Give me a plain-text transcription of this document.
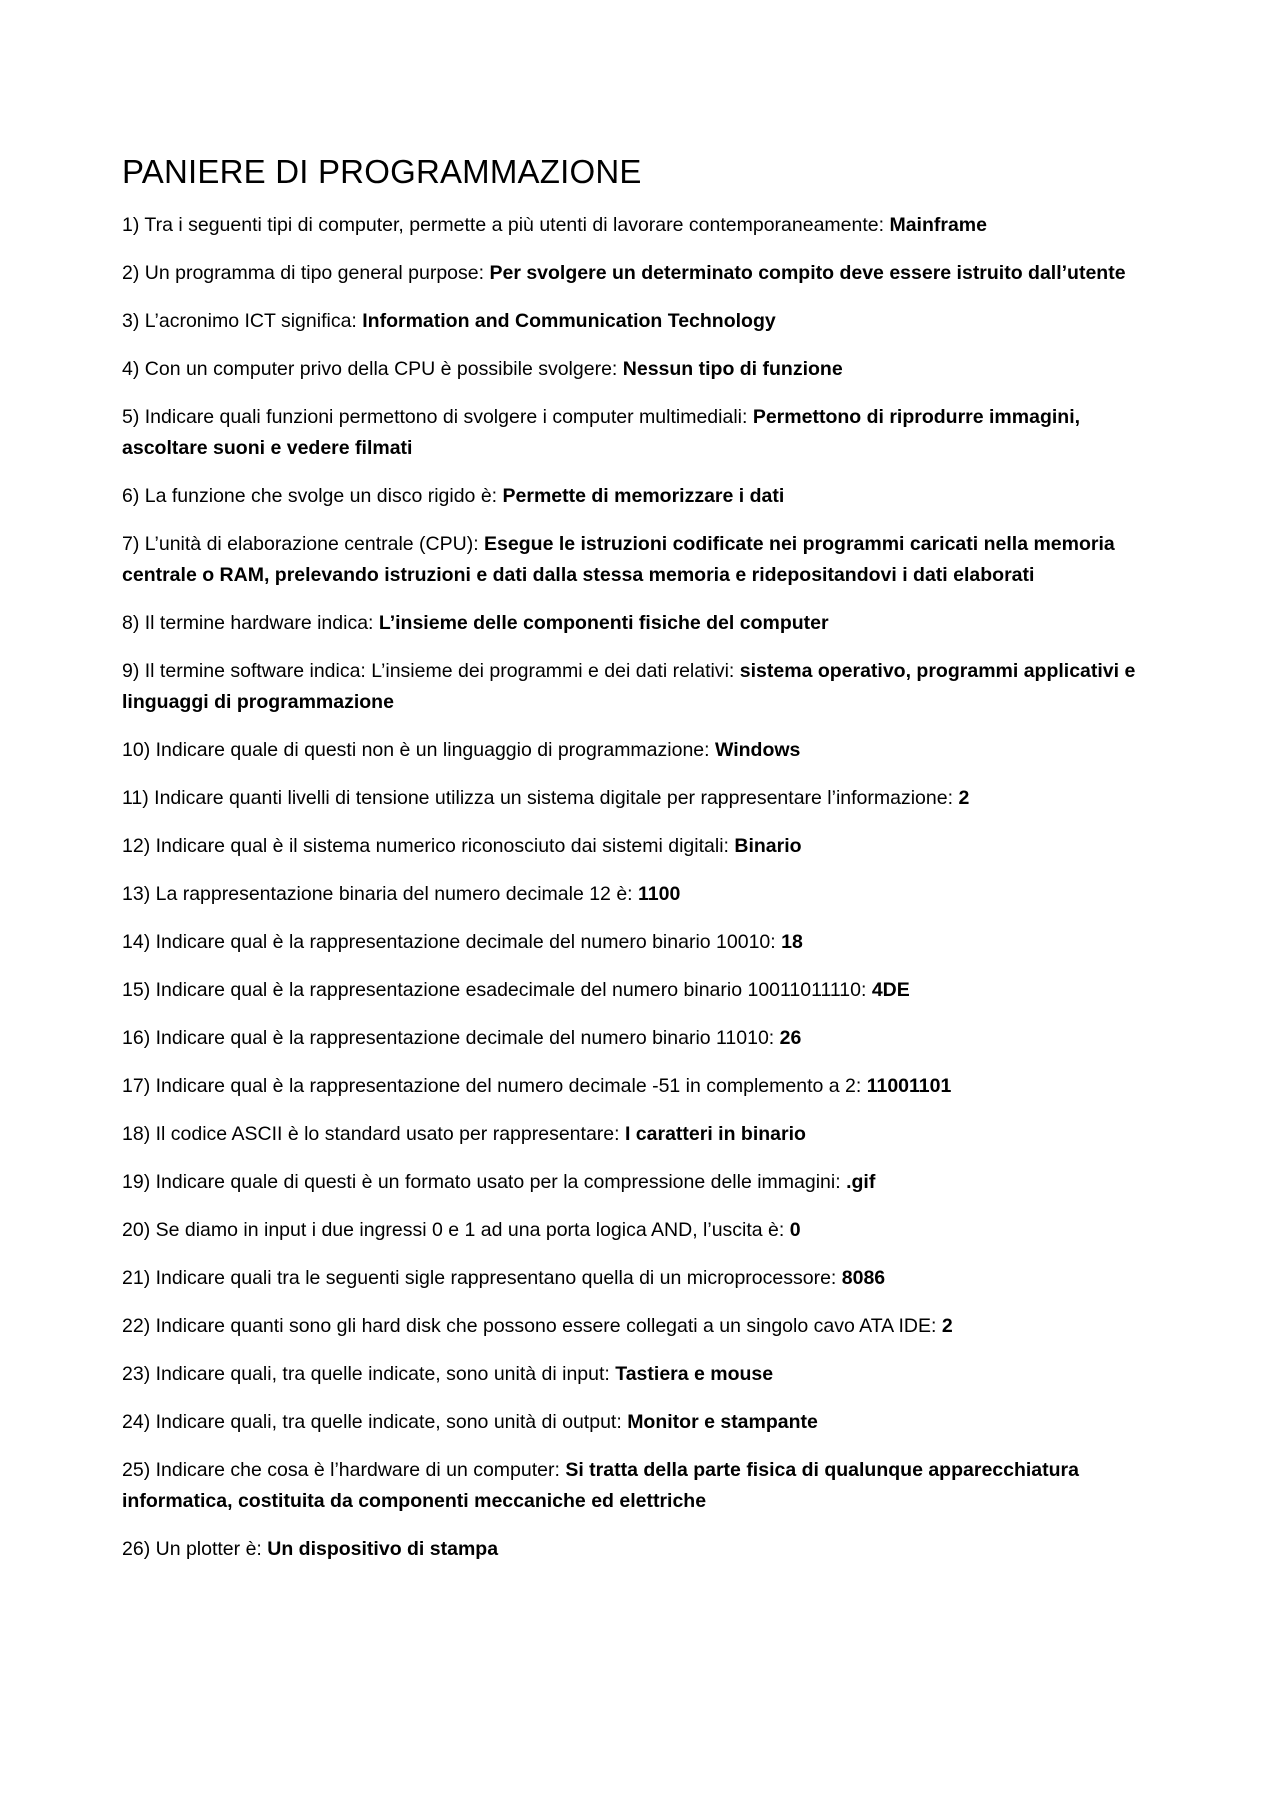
PANIERE DI PROGRAMMAZIONE

1) Tra i seguenti tipi di computer, permette a più utenti di lavorare contemporaneamente: Mainframe

2) Un programma di tipo general purpose: Per svolgere un determinato compito deve essere istruito dall’utente

3) L’acronimo ICT significa: Information and Communication Technology

4) Con un computer privo della CPU è possibile svolgere: Nessun tipo di funzione

5) Indicare quali funzioni permettono di svolgere i computer multimediali: Permettono di riprodurre immagini, ascoltare suoni e vedere filmati

6) La funzione che svolge un disco rigido è: Permette di memorizzare i dati

7) L’unità di elaborazione centrale (CPU): Esegue le istruzioni codificate nei programmi caricati nella memoria centrale o RAM, prelevando istruzioni e dati dalla stessa memoria e ridepositandovi i dati elaborati

8) Il termine hardware indica: L’insieme delle componenti fisiche del computer

9) Il termine software indica: L’insieme dei programmi e dei dati relativi: sistema operativo, programmi applicativi e linguaggi di programmazione

10) Indicare quale di questi non è un linguaggio di programmazione: Windows

11) Indicare quanti livelli di tensione utilizza un sistema digitale per rappresentare l’informazione: 2

12) Indicare qual è il sistema numerico riconosciuto dai sistemi digitali: Binario

13) La rappresentazione binaria del numero decimale 12 è: 1100

14) Indicare qual è la rappresentazione decimale del numero binario 10010: 18

15) Indicare qual è la rappresentazione esadecimale del numero binario 10011011110: 4DE

16) Indicare qual è la rappresentazione decimale del numero binario 11010: 26

17) Indicare qual è la rappresentazione del numero decimale -51 in complemento a 2: 11001101

18) Il codice ASCII è lo standard usato per rappresentare: I caratteri in binario

19) Indicare quale di questi è un formato usato per la compressione delle immagini: .gif

20) Se diamo in input i due ingressi 0 e 1 ad una porta logica AND, l’uscita è: 0

21) Indicare quali tra le seguenti sigle rappresentano quella di un microprocessore: 8086

22) Indicare quanti sono gli hard disk che possono essere collegati a un singolo cavo ATA IDE: 2

23) Indicare quali, tra quelle indicate, sono unità di input: Tastiera e mouse

24) Indicare quali, tra quelle indicate, sono unità di output: Monitor e stampante

25) Indicare che cosa è l’hardware di un computer: Si tratta della parte fisica di qualunque apparecchiatura informatica, costituita da componenti meccaniche ed elettriche

26) Un plotter è: Un dispositivo di stampa
